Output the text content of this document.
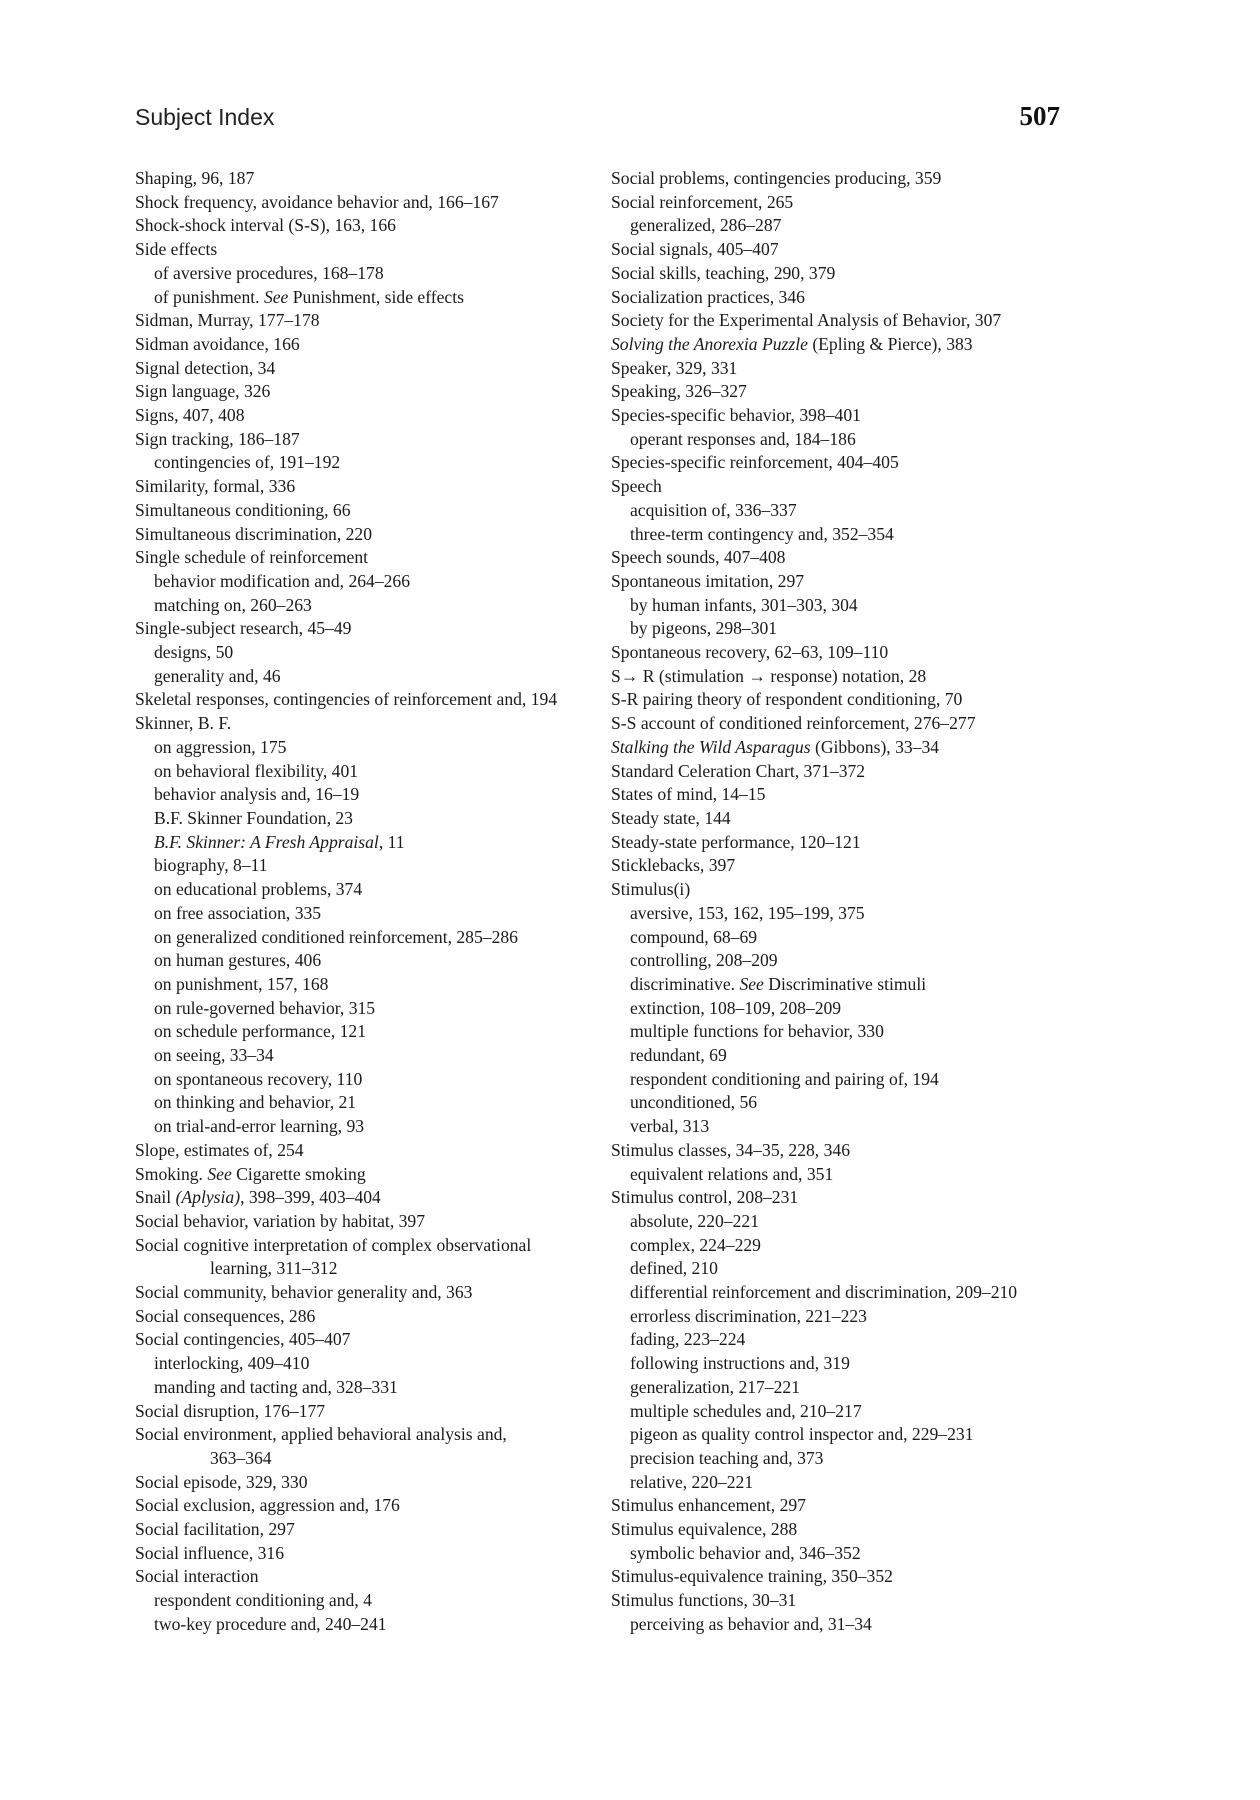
Subject Index	507
Shaping, 96, 187
Shock frequency, avoidance behavior and, 166–167
Shock-shock interval (S-S), 163, 166
Side effects
of aversive procedures, 168–178
of punishment. See Punishment, side effects
Sidman, Murray, 177–178
Sidman avoidance, 166
Signal detection, 34
Sign language, 326
Signs, 407, 408
Sign tracking, 186–187
contingencies of, 191–192
Similarity, formal, 336
Simultaneous conditioning, 66
Simultaneous discrimination, 220
Single schedule of reinforcement
behavior modification and, 264–266
matching on, 260–263
Single-subject research, 45–49
designs, 50
generality and, 46
Skeletal responses, contingencies of reinforcement and, 194
Skinner, B. F.
on aggression, 175
on behavioral flexibility, 401
behavior analysis and, 16–19
B.F. Skinner Foundation, 23
B.F. Skinner: A Fresh Appraisal, 11
biography, 8–11
on educational problems, 374
on free association, 335
on generalized conditioned reinforcement, 285–286
on human gestures, 406
on punishment, 157, 168
on rule-governed behavior, 315
on schedule performance, 121
on seeing, 33–34
on spontaneous recovery, 110
on thinking and behavior, 21
on trial-and-error learning, 93
Slope, estimates of, 254
Smoking. See Cigarette smoking
Snail (Aplysia), 398–399, 403–404
Social behavior, variation by habitat, 397
Social cognitive interpretation of complex observational
learning, 311–312
Social community, behavior generality and, 363
Social consequences, 286
Social contingencies, 405–407
interlocking, 409–410
manding and tacting and, 328–331
Social disruption, 176–177
Social environment, applied behavioral analysis and,
363–364
Social episode, 329, 330
Social exclusion, aggression and, 176
Social facilitation, 297
Social influence, 316
Social interaction
respondent conditioning and, 4
two-key procedure and, 240–241
Social problems, contingencies producing, 359
Social reinforcement, 265
generalized, 286–287
Social signals, 405–407
Social skills, teaching, 290, 379
Socialization practices, 346
Society for the Experimental Analysis of Behavior, 307
Solving the Anorexia Puzzle (Epling & Pierce), 383
Speaker, 329, 331
Speaking, 326–327
Species-specific behavior, 398–401
operant responses and, 184–186
Species-specific reinforcement, 404–405
Speech
acquisition of, 336–337
three-term contingency and, 352–354
Speech sounds, 407–408
Spontaneous imitation, 297
by human infants, 301–303, 304
by pigeons, 298–301
Spontaneous recovery, 62–63, 109–110
S→ R (stimulation → response) notation, 28
S-R pairing theory of respondent conditioning, 70
S-S account of conditioned reinforcement, 276–277
Stalking the Wild Asparagus (Gibbons), 33–34
Standard Celeration Chart, 371–372
States of mind, 14–15
Steady state, 144
Steady-state performance, 120–121
Sticklebacks, 397
Stimulus(i)
aversive, 153, 162, 195–199, 375
compound, 68–69
controlling, 208–209
discriminative. See Discriminative stimuli
extinction, 108–109, 208–209
multiple functions for behavior, 330
redundant, 69
respondent conditioning and pairing of, 194
unconditioned, 56
verbal, 313
Stimulus classes, 34–35, 228, 346
equivalent relations and, 351
Stimulus control, 208–231
absolute, 220–221
complex, 224–229
defined, 210
differential reinforcement and discrimination, 209–210
errorless discrimination, 221–223
fading, 223–224
following instructions and, 319
generalization, 217–221
multiple schedules and, 210–217
pigeon as quality control inspector and, 229–231
precision teaching and, 373
relative, 220–221
Stimulus enhancement, 297
Stimulus equivalence, 288
symbolic behavior and, 346–352
Stimulus-equivalence training, 350–352
Stimulus functions, 30–31
perceiving as behavior and, 31–34
